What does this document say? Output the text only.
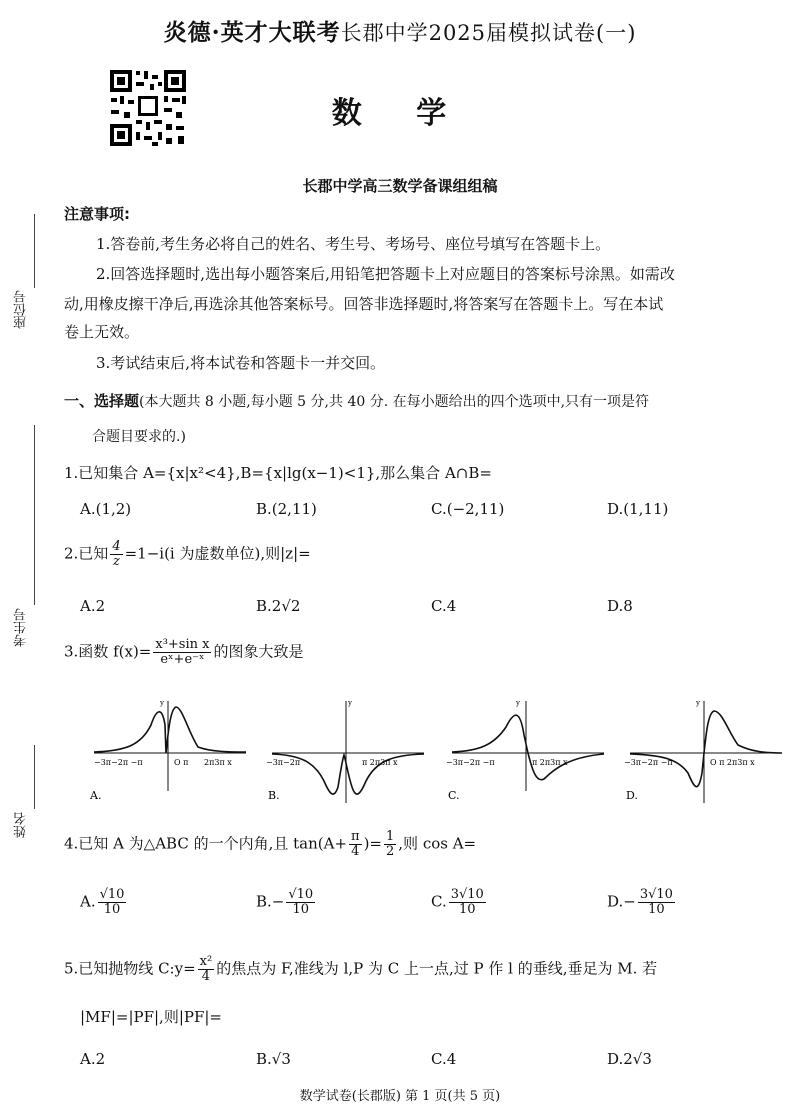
炎德·英才大联考长郡中学2025届模拟试卷(一)
数 学
长郡中学高三数学备课组组稿
座位号
考生号
姓名
注意事项:
1.答卷前,考生务必将自己的姓名、考生号、考场号、座位号填写在答题卡上。
2.回答选择题时,选出每小题答案后,用铅笔把答题卡上对应题目的答案标号涂黑。如需改
动,用橡皮擦干净后,再选涂其他答案标号。回答非选择题时,将答案写在答题卡上。写在本试
卷上无效。
3.考试结束后,将本试卷和答题卡一并交回。
一、选择题(本大题共 8 小题,每小题 5 分,共 40 分. 在每小题给出的四个选项中,只有一项是符
合题目要求的.)
1.已知集合 A={x|x²<4},B={x|lg(x−1)<1},那么集合 A∩B=
A.(1,2)	B.(2,11)	C.(−2,11)	D.(1,11)
2.已知 $\frac{4}{z} =1-i(i$ 为虚数单位),则|z|=
A.2	B.2√2	C.4	D.8
3.函数 $f(x)= \frac{\text{x³+sin x}}{\text{eˣ+e⁻ˣ}}$ 的图象大致是
−3π−2π −π	O π 2π3π x
y
A.
−3π−2π	π 2π3π x
y
B.
−3π−2π −π	π 2π3π x
y
C.
−3π−2π −π	O π 2π3π x
y
D.
4.已知 A 为△ABC 的一个内角,且 $\tan(A+ \frac{\pi}{4}$ )= $\frac{1}{2}$ ,则 cos A=
A. $\frac{√10}{10}$	$B.- \frac{√10}{10}$	C. $\frac{3√10}{10}$	$D.- \frac{3√10}{10}$
5.已知抛物线 C:y= $\frac{\text{x²}}{4}$ 的焦点为 F,准线为 l,P 为 C 上一点,过 P 作 l 的垂线,垂足为 M. 若
|MF|=|PF|,则|PF|=
A.2	B.√3	C.4	D.2√3
数学试卷(长郡版) 第 1 页(共 5 页)
